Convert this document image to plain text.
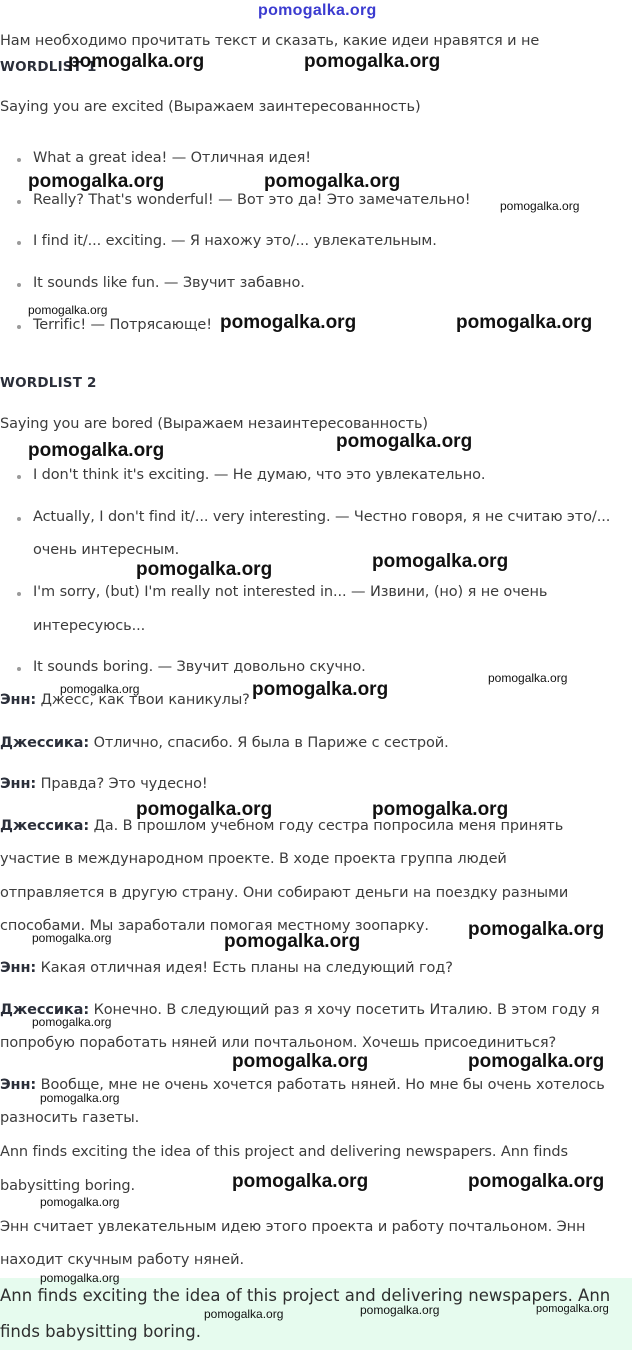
pomogalka.org
Нам необходимо прочитать текст и сказать, какие идеи нравятся и не
WORDLIST 1
Saying you are excited (Выражаем заинтересованность)
What a great idea! — Отличная идея!
Really? That's wonderful! — Вот это да! Это замечательно!
I find it/... exciting. — Я нахожу это/... увлекательным.
It sounds like fun. — Звучит забавно.
Terrific! — Потрясающе!
WORDLIST 2
Saying you are bored (Выражаем незаинтересованность)
I don't think it's exciting. — Не думаю, что это увлекательно.
Actually, I don't find it/... very interesting. — Честно говоря, я не считаю это/...
очень интересным.
I'm sorry, (but) I'm really not interested in... — Извини, (но) я не очень
интересуюсь...
It sounds boring. — Звучит довольно скучно.
Энн: Джесс, как твои каникулы?
Джессика: Отлично, спасибо. Я была в Париже с сестрой.
Энн: Правда? Это чудесно!
Джессика: Да. В прошлом учебном году сестра попросила меня принять
участие в международном проекте. В ходе проекта группа людей
отправляется в другую страну. Они собирают деньги на поездку разными
способами. Мы заработали помогая местному зоопарку.
Энн: Какая отличная идея! Есть планы на следующий год?
Джессика: Конечно. В следующий раз я хочу посетить Италию. В этом году я
попробую поработать няней или почтальоном. Хочешь присоединиться?
Энн: Вообще, мне не очень хочется работать няней. Но мне бы очень хотелось
разносить газеты.
Ann finds exciting the idea of this project and delivering newspapers. Ann finds
babysitting boring.
Энн считает увлекательным идею этого проекта и работу почтальоном. Энн
находит скучным работу няней.
Ann finds exciting the idea of this project and delivering newspapers. Ann
finds babysitting boring.
pomogalka.org	pomogalka.org
pomogalka.org	pomogalka.org
pomogalka.org	pomogalka.org
pomogalka.org	pomogalka.org
pomogalka.org	pomogalka.org
pomogalka.org
pomogalka.org	pomogalka.org
pomogalka.org
pomogalka.org
pomogalka.org	pomogalka.org
pomogalka.org	pomogalka.org
pomogalka.org
pomogalka.org
pomogalka.org
pomogalka.org
pomogalka.org
pomogalka.org
pomogalka.org
pomogalka.org
pomogalka.org
pomogalka.org	pomogalka.org	pomogalka.org
